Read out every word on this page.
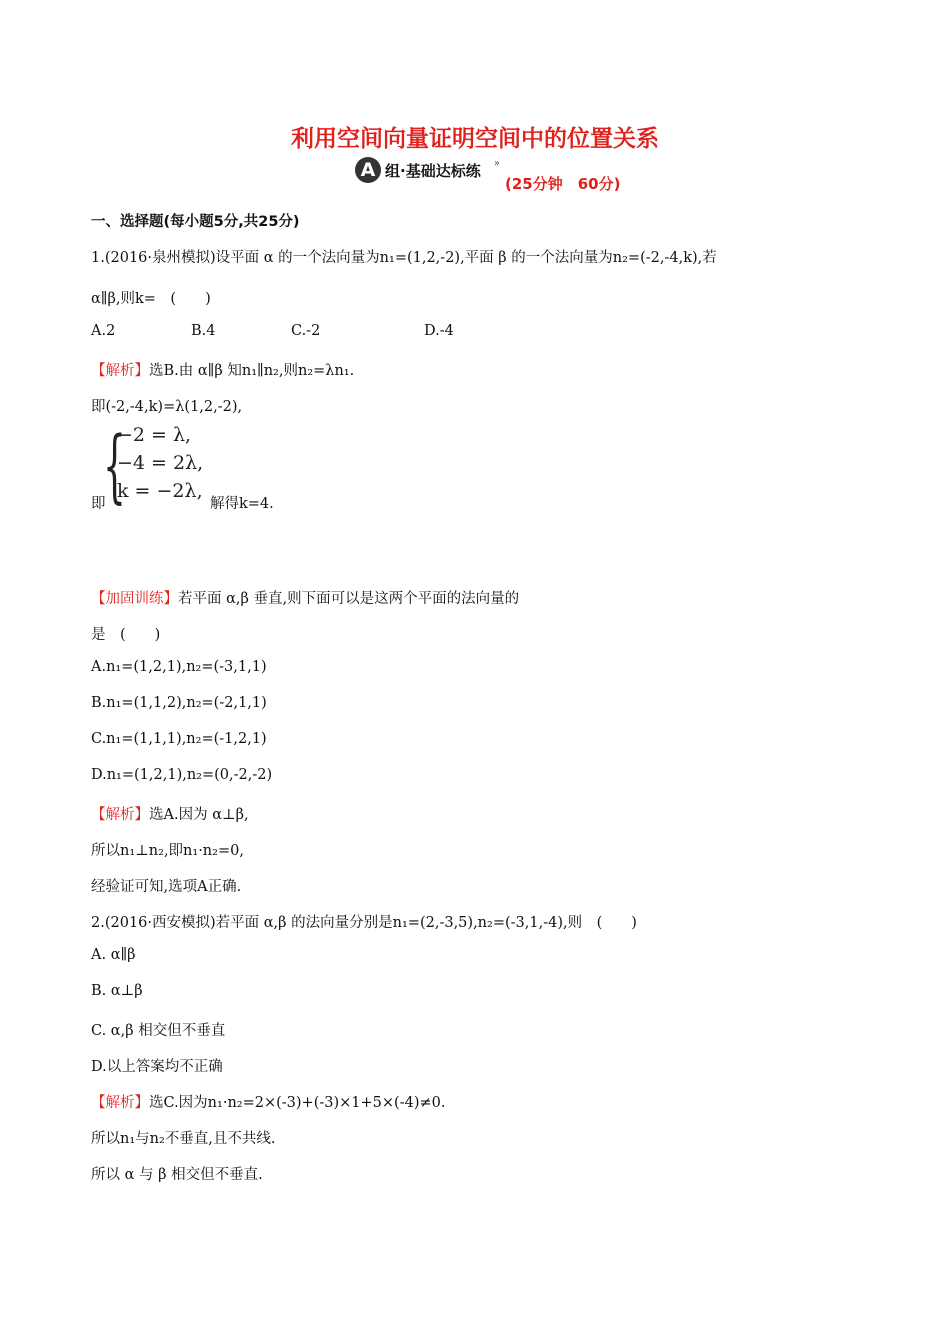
利用空间向量证明空间中的位置关系
A 组·基础达标练 »
(25分钟　60分)
一、选择题(每小题5分,共25分)
1.(2016·泉州模拟)设平面 α 的一个法向量为n₁=(1,2,-2),平面 β 的一个法向量为n₂=(-2,-4,k),若
α∥β,则k=　(　　)
A.2	B.4	C.-2	D.-4
【解析】选B.由 α∥β 知n₁∥n₂,则n₂=λn₁.
即(-2,-4,k)=λ(1,2,-2),
即
{
−2 = λ,
−4 = 2λ,
k = −2λ,
解得k=4.
【加固训练】若平面 α,β 垂直,则下面可以是这两个平面的法向量的
是　(　　)
A.n₁=(1,2,1),n₂=(-3,1,1)
B.n₁=(1,1,2),n₂=(-2,1,1)
C.n₁=(1,1,1),n₂=(-1,2,1)
D.n₁=(1,2,1),n₂=(0,-2,-2)
【解析】选A.因为 α⊥β,
所以n₁⊥n₂,即n₁·n₂=0,
经验证可知,选项A正确.
2.(2016·西安模拟)若平面 α,β 的法向量分别是n₁=(2,-3,5),n₂=(-3,1,-4),则　(　　)
A. α∥β
B. α⊥β
C. α,β 相交但不垂直
D.以上答案均不正确
【解析】选C.因为n₁·n₂=2×(-3)+(-3)×1+5×(-4)≠0.
所以n₁与n₂不垂直,且不共线.
所以 α 与 β 相交但不垂直.
